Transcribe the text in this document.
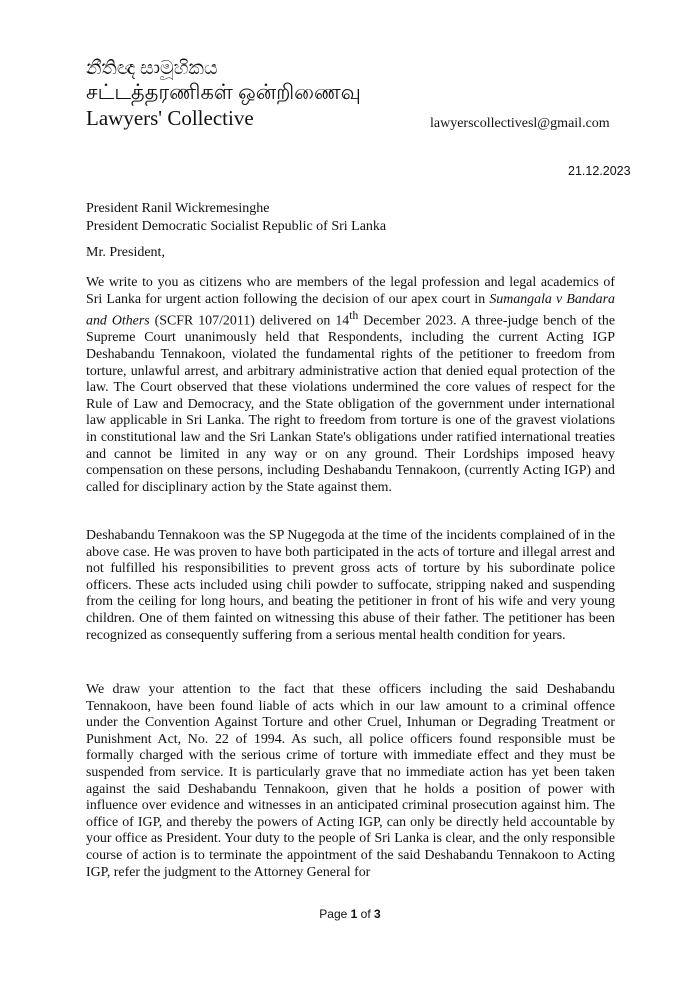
නීතිඥ සාමූහිකය
சட்டத்தரணிகள் ஒன்றிணைவு
Lawyers' Collective	lawyerscollectivesl@gmail.com
21.12.2023
President Ranil Wickremesinghe
President Democratic Socialist Republic of Sri Lanka
Mr. President,
We write to you as citizens who are members of the legal profession and legal academics of Sri Lanka for urgent action following the decision of our apex court in Sumangala v Bandara and Others (SCFR 107/2011) delivered on 14th December 2023. A three-judge bench of the Supreme Court unanimously held that Respondents, including the current Acting IGP Deshabandu Tennakoon, violated the fundamental rights of the petitioner to freedom from torture, unlawful arrest, and arbitrary administrative action that denied equal protection of the law. The Court observed that these violations undermined the core values of respect for the Rule of Law and Democracy, and the State obligation of the government under international law applicable in Sri Lanka. The right to freedom from torture is one of the gravest violations in constitutional law and the Sri Lankan State's obligations under ratified international treaties and cannot be limited in any way or on any ground. Their Lordships imposed heavy compensation on these persons, including Deshabandu Tennakoon, (currently Acting IGP) and called for disciplinary action by the State against them.
Deshabandu Tennakoon was the SP Nugegoda at the time of the incidents complained of in the above case. He was proven to have both participated in the acts of torture and illegal arrest and not fulfilled his responsibilities to prevent gross acts of torture by his subordinate police officers. These acts included using chili powder to suffocate, stripping naked and suspending from the ceiling for long hours, and beating the petitioner in front of his wife and very young children. One of them fainted on witnessing this abuse of their father. The petitioner has been recognized as consequently suffering from a serious mental health condition for years.
We draw your attention to the fact that these officers including the said Deshabandu Tennakoon, have been found liable of acts which in our law amount to a criminal offence under the Convention Against Torture and other Cruel, Inhuman or Degrading Treatment or Punishment Act, No. 22 of 1994. As such, all police officers found responsible must be formally charged with the serious crime of torture with immediate effect and they must be suspended from service. It is particularly grave that no immediate action has yet been taken against the said Deshabandu Tennakoon, given that he holds a position of power with influence over evidence and witnesses in an anticipated criminal prosecution against him. The office of IGP, and thereby the powers of Acting IGP, can only be directly held accountable by your office as President. Your duty to the people of Sri Lanka is clear, and the only responsible course of action is to terminate the appointment of the said Deshabandu Tennakoon to Acting IGP, refer the judgment to the Attorney General for
Page 1 of 3
